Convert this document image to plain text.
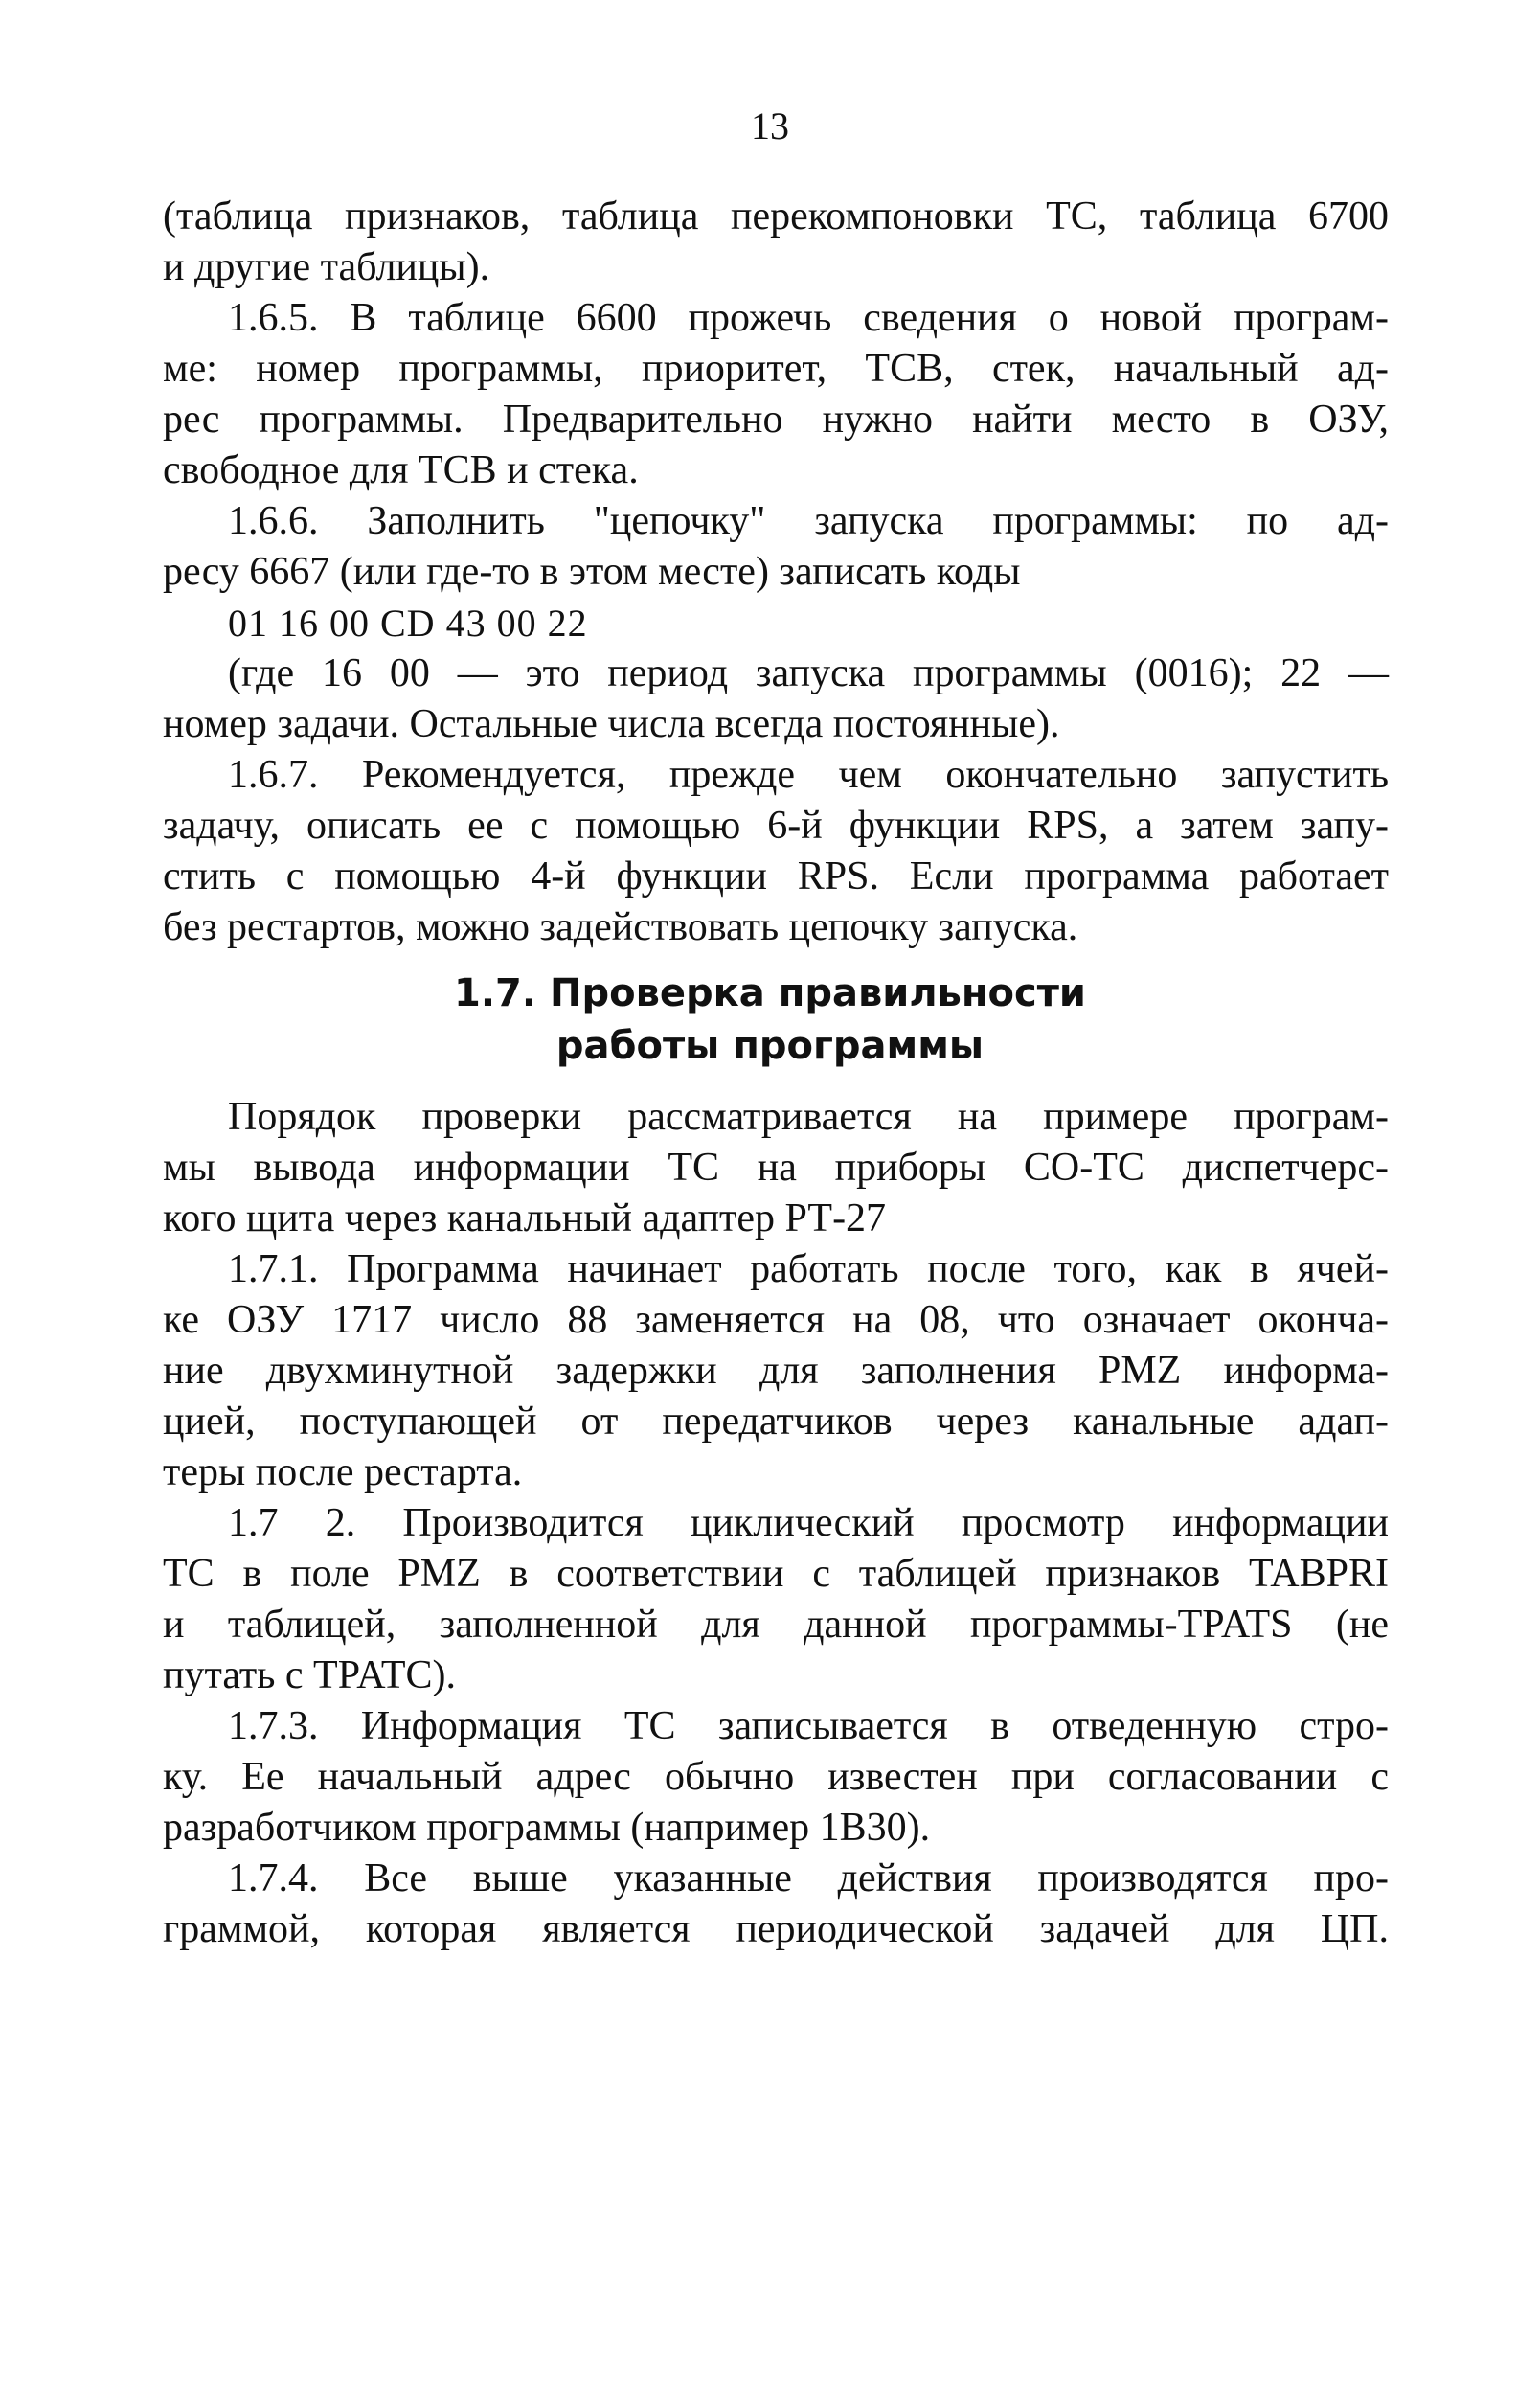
13
(таблица признаков, таблица перекомпоновки ТС, таблица 6700
и другие таблицы).
1.6.5. В таблице 6600 прожечь сведения о новой програм-
ме: номер программы, приоритет, ТСВ, стек, начальный ад-
рес программы. Предварительно нужно найти место в ОЗУ,
свободное для ТСВ и стека.
1.6.6. Заполнить "цепочку" запуска программы: по ад-
ресу 6667 (или где-то в этом месте) записать коды
01 16 00 CD 43 00 22
(где 16 00 — это период запуска программы (0016); 22 —
номер задачи. Остальные числа всегда постоянные).
1.6.7. Рекомендуется, прежде чем окончательно запустить
задачу, описать ее с помощью 6-й функции RPS, а затем запу-
стить с помощью 4-й функции RPS. Если программа работает
без рестартов, можно задействовать цепочку запуска.
1.7. Проверка правильности
работы программы
Порядок проверки рассматривается на примере програм-
мы вывода информации ТС на приборы СО-ТС диспетчерс-
кого щита через канальный адаптер РТ-27
1.7.1. Программа начинает работать после того, как в ячей-
ке ОЗУ 1717 число 88 заменяется на 08, что означает оконча-
ние двухминутной задержки для заполнения PMZ информа-
цией, поступающей от передатчиков через канальные адап-
теры после рестарта.
1.7 2. Производится циклический просмотр информации
ТС в поле PMZ в соответствии с таблицей признаков TABPRI
и таблицей, заполненной для данной программы-TPATS (не
путать с TPATC).
1.7.3. Информация ТС записывается в отведенную стро-
ку. Ее начальный адрес обычно известен при согласовании с
разработчиком программы (например 1В30).
1.7.4. Все выше указанные действия производятся про-
граммой, которая является периодической задачей для ЦП.
